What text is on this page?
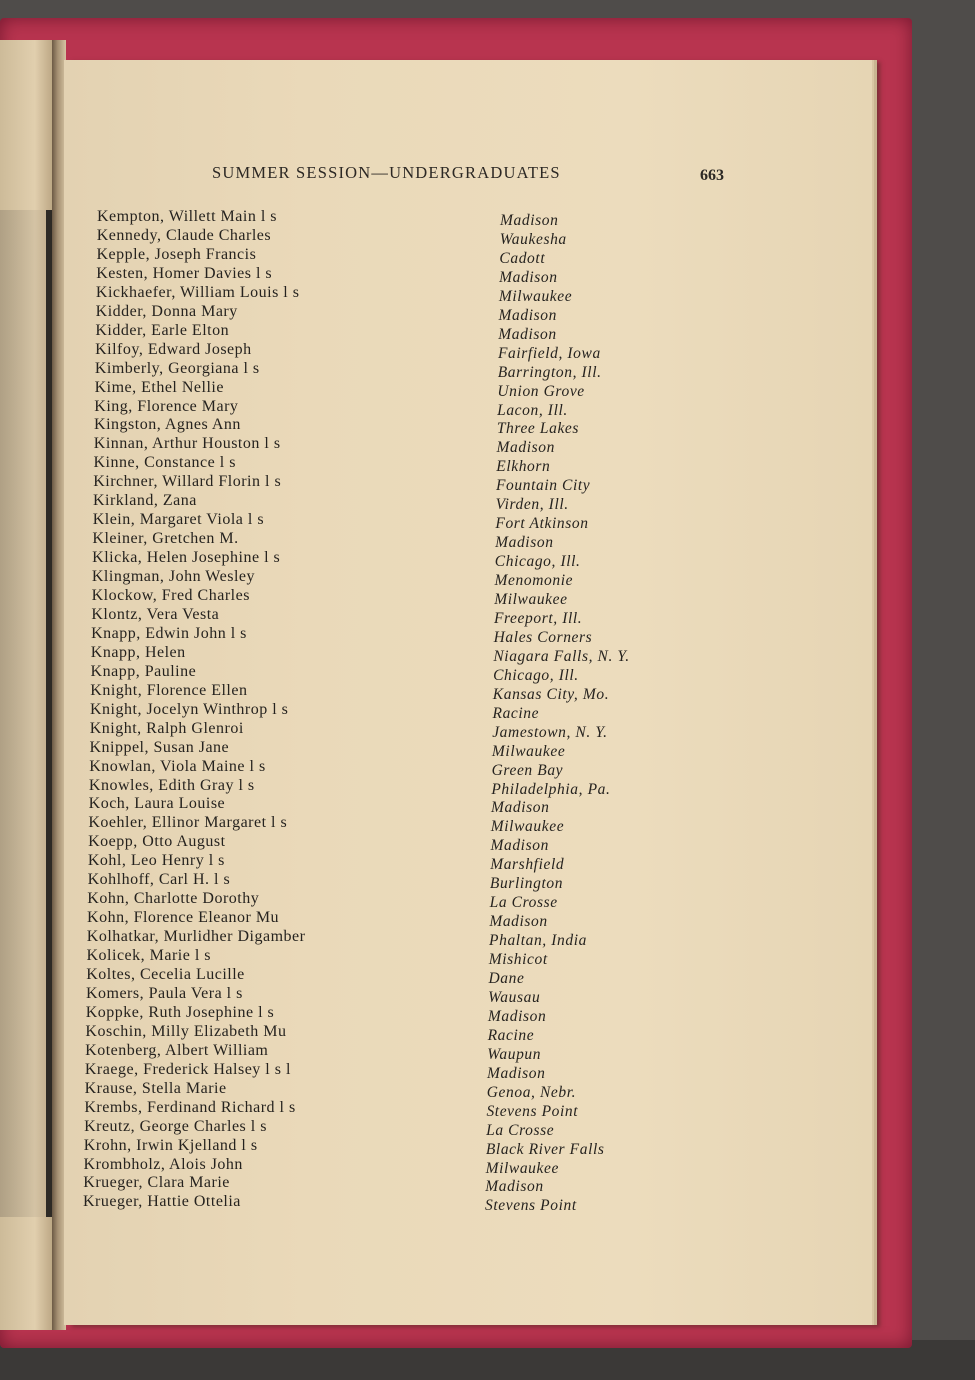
SUMMER SESSION—UNDERGRADUATES	663
Kempton, Willett Main l s	Madison
Kennedy, Claude Charles	Waukesha
Kepple, Joseph Francis	Cadott
Kesten, Homer Davies l s	Madison
Kickhaefer, William Louis l s	Milwaukee
Kidder, Donna Mary	Madison
Kidder, Earle Elton	Madison
Kilfoy, Edward Joseph	Fairfield, Iowa
Kimberly, Georgiana l s	Barrington, Ill.
Kime, Ethel Nellie	Union Grove
King, Florence Mary	Lacon, Ill.
Kingston, Agnes Ann	Three Lakes
Kinnan, Arthur Houston l s	Madison
Kinne, Constance l s	Elkhorn
Kirchner, Willard Florin l s	Fountain City
Kirkland, Zana	Virden, Ill.
Klein, Margaret Viola l s	Fort Atkinson
Kleiner, Gretchen M.	Madison
Klicka, Helen Josephine l s	Chicago, Ill.
Klingman, John Wesley	Menomonie
Klockow, Fred Charles	Milwaukee
Klontz, Vera Vesta	Freeport, Ill.
Knapp, Edwin John l s	Hales Corners
Knapp, Helen	Niagara Falls, N. Y.
Knapp, Pauline	Chicago, Ill.
Knight, Florence Ellen	Kansas City, Mo.
Knight, Jocelyn Winthrop l s	Racine
Knight, Ralph Glenroi	Jamestown, N. Y.
Knippel, Susan Jane	Milwaukee
Knowlan, Viola Maine l s	Green Bay
Knowles, Edith Gray l s	Philadelphia, Pa.
Koch, Laura Louise	Madison
Koehler, Ellinor Margaret l s	Milwaukee
Koepp, Otto August	Madison
Kohl, Leo Henry l s	Marshfield
Kohlhoff, Carl H. l s	Burlington
Kohn, Charlotte Dorothy	La Crosse
Kohn, Florence Eleanor Mu	Madison
Kolhatkar, Murlidher Digamber	Phaltan, India
Kolicek, Marie l s	Mishicot
Koltes, Cecelia Lucille	Dane
Komers, Paula Vera l s	Wausau
Koppke, Ruth Josephine l s	Madison
Koschin, Milly Elizabeth Mu	Racine
Kotenberg, Albert William	Waupun
Kraege, Frederick Halsey l s l	Madison
Krause, Stella Marie	Genoa, Nebr.
Krembs, Ferdinand Richard l s	Stevens Point
Kreutz, George Charles l s	La Crosse
Krohn, Irwin Kjelland l s	Black River Falls
Krombholz, Alois John	Milwaukee
Krueger, Clara Marie	Madison
Krueger, Hattie Ottelia	Stevens Point
